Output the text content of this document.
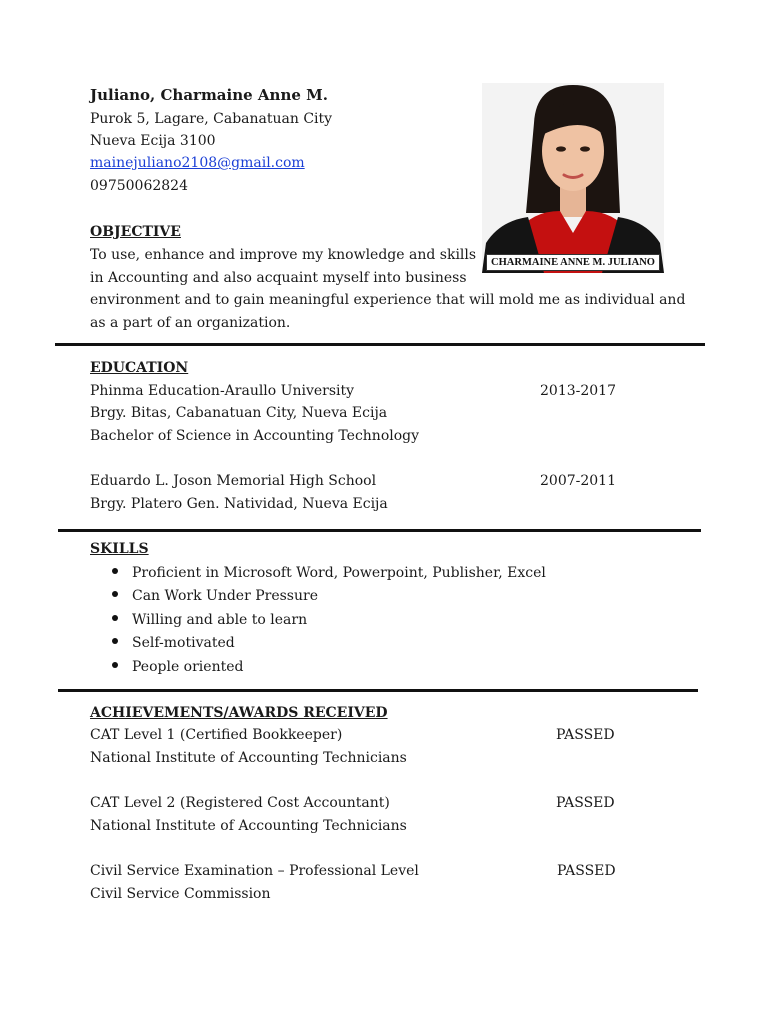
Juliano, Charmaine Anne M.
Purok 5, Lagare, Cabanatuan City
Nueva Ecija 3100
mainejuliano2108@gmail.com
09750062824
CHARMAINE ANNE M. JULIANO
OBJECTIVE
To use, enhance and improve my knowledge and skills
in Accounting and also acquaint myself into business
environment and to gain meaningful experience that will mold me as individual and
as a part of an organization.
EDUCATION
Phinma Education-Araullo University	2013-2017
Brgy. Bitas, Cabanatuan City, Nueva Ecija
Bachelor of Science in Accounting Technology
Eduardo L. Joson Memorial High School	2007-2011
Brgy. Platero Gen. Natividad, Nueva Ecija
SKILLS
Proficient in Microsoft Word, Powerpoint, Publisher, Excel
Can Work Under Pressure
Willing and able to learn
Self-motivated
People oriented
ACHIEVEMENTS/AWARDS RECEIVED
CAT Level 1 (Certified Bookkeeper)	PASSED
National Institute of Accounting Technicians
CAT Level 2 (Registered Cost Accountant)	PASSED
National Institute of Accounting Technicians
Civil Service Examination – Professional Level	PASSED
Civil Service Commission
